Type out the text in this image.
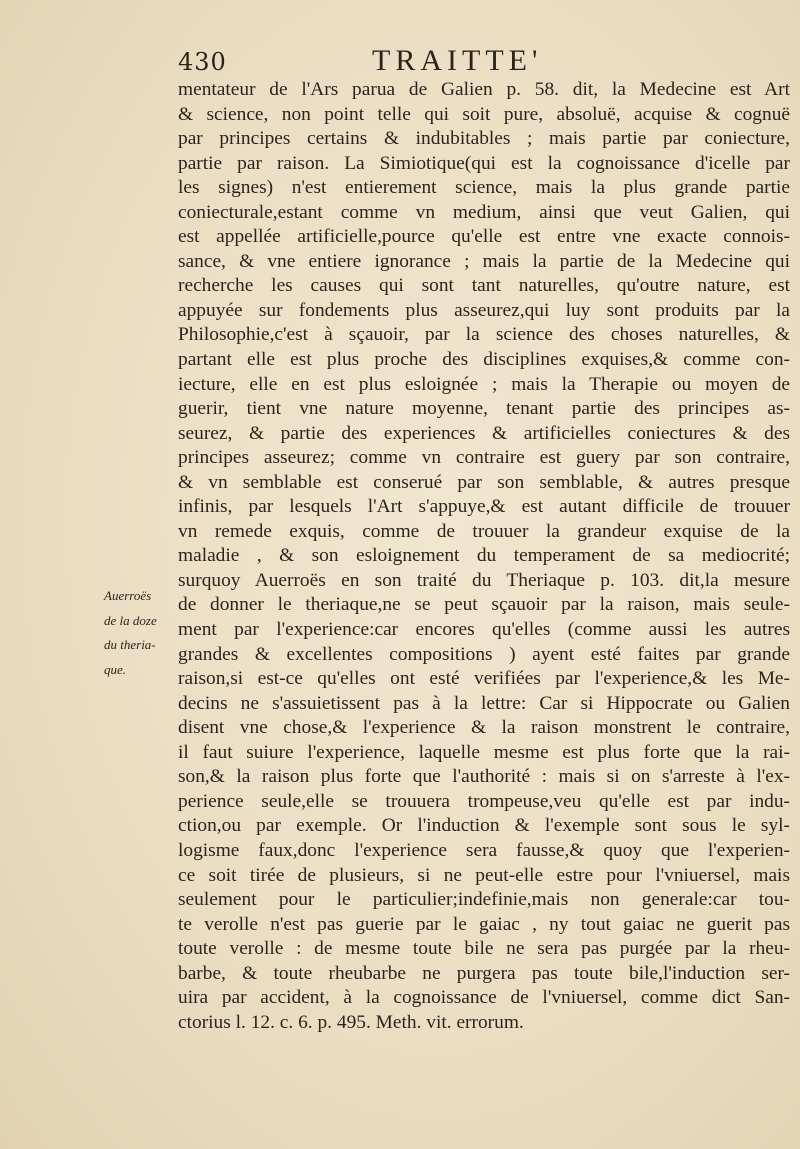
430	TRAITTE'
Auerroës
de la doze
du theria-
que.
mentateur de l'Ars parua de Galien p. 58. dit, la Medecine est Art
& science, non point telle qui soit pure, absoluë, acquise & cognuë
par principes certains & indubitables ; mais partie par coniecture,
partie par raison. La Simiotique(qui est la cognoissance d'icelle par
les signes) n'est entierement science, mais la plus grande partie
coniecturale,estant comme vn medium, ainsi que veut Galien, qui
est appellée artificielle,pource qu'elle est entre vne exacte connois-
sance, & vne entiere ignorance ; mais la partie de la Medecine qui
recherche les causes qui sont tant naturelles, qu'outre nature, est
appuyée sur fondements plus asseurez,qui luy sont produits par la
Philosophie,c'est à sçauoir, par la science des choses naturelles, &
partant elle est plus proche des disciplines exquises,& comme con-
iecture, elle en est plus esloignée ; mais la Therapie ou moyen de
guerir, tient vne nature moyenne, tenant partie des principes as-
seurez, & partie des experiences & artificielles coniectures & des
principes asseurez; comme vn contraire est guery par son contraire,
& vn semblable est conserué par son semblable, & autres presque
infinis, par lesquels l'Art s'appuye,& est autant difficile de trouuer
vn remede exquis, comme de trouuer la grandeur exquise de la
maladie , & son esloignement du temperament de sa mediocrité;
surquoy Auerroës en son traité du Theriaque p. 103. dit,la mesure
de donner le theriaque,ne se peut sçauoir par la raison, mais seule-
ment par l'experience:car encores qu'elles (comme aussi les autres
grandes & excellentes compositions ) ayent esté faites par grande
raison,si est-ce qu'elles ont esté verifiées par l'experience,& les Me-
decins ne s'assuietissent pas à la lettre: Car si Hippocrate ou Galien
disent vne chose,& l'experience & la raison monstrent le contraire,
il faut suiure l'experience, laquelle mesme est plus forte que la rai-
son,& la raison plus forte que l'authorité : mais si on s'arreste à l'ex-
perience seule,elle se trouuera trompeuse,veu qu'elle est par indu-
ction,ou par exemple. Or l'induction & l'exemple sont sous le syl-
logisme faux,donc l'experience sera fausse,& quoy que l'experien-
ce soit tirée de plusieurs, si ne peut-elle estre pour l'vniuersel, mais
seulement pour le particulier;indefinie,mais non generale:car tou-
te verolle n'est pas guerie par le gaiac , ny tout gaiac ne guerit pas
toute verolle : de mesme toute bile ne sera pas purgée par la rheu-
barbe, & toute rheubarbe ne purgera pas toute bile,l'induction ser-
uira par accident, à la cognoissance de l'vniuersel, comme dict San-
ctorius l. 12. c. 6. p. 495. Meth. vit. errorum.
